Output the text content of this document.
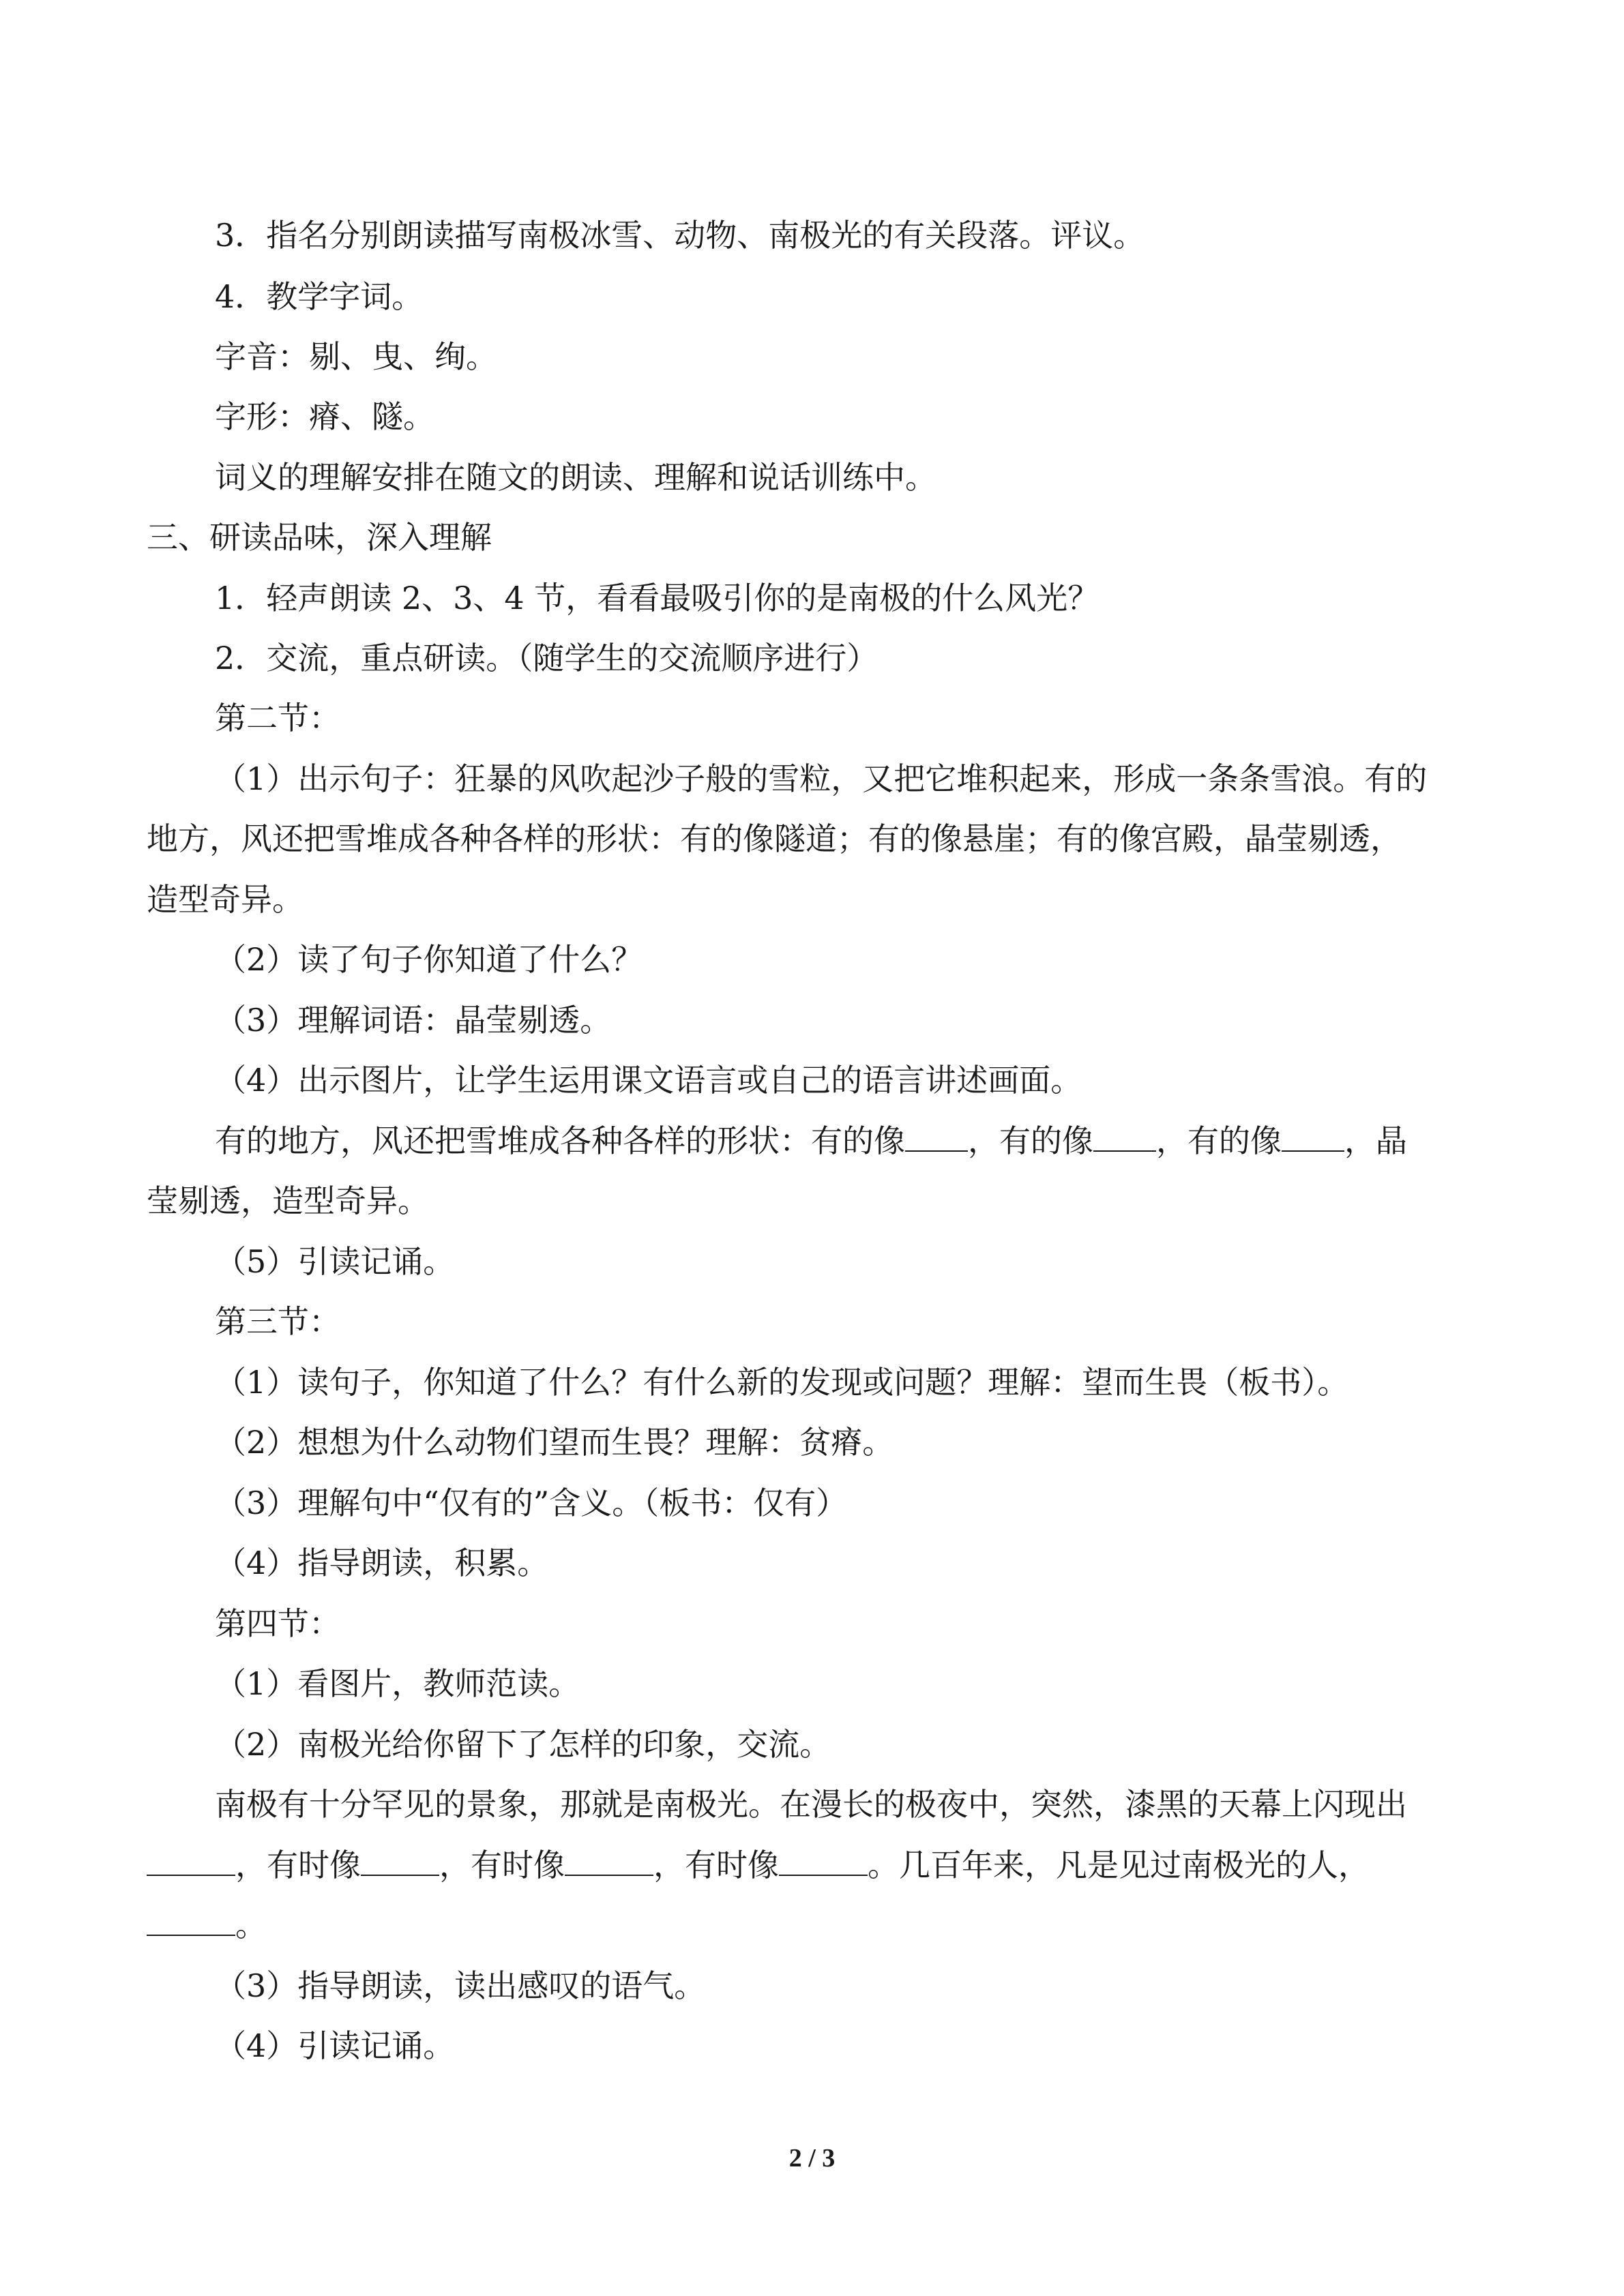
3．指名分别朗读描写南极冰雪、动物、南极光的有关段落。评议。
4．教学字词。
字音：剔、曳、绚。
字形：瘠、隧。
词义的理解安排在随文的朗读、理解和说话训练中。
三、研读品味，深入理解
1．轻声朗读 2、3、4 节，看看最吸引你的是南极的什么风光？
2．交流，重点研读。（随学生的交流顺序进行）
第二节：
（1）出示句子：狂暴的风吹起沙子般的雪粒，又把它堆积起来，形成一条条雪浪。有的
地方，风还把雪堆成各种各样的形状：有的像隧道；有的像悬崖；有的像宫殿，晶莹剔透，
造型奇异。
（2）读了句子你知道了什么？
（3）理解词语：晶莹剔透。
（4）出示图片，让学生运用课文语言或自己的语言讲述画面。
有的地方，风还把雪堆成各种各样的形状：有的像 ，有的像 ，有的像 ，晶
莹剔透，造型奇异。
（5）引读记诵。
第三节：
（1）读句子，你知道了什么？有什么新的发现或问题？理解：望而生畏（板书）。
（2）想想为什么动物们望而生畏？理解：贫瘠。
（3）理解句中“仅有的”含义。（板书：仅有）
（4）指导朗读，积累。
第四节：
（1）看图片，教师范读。
（2）南极光给你留下了怎样的印象，交流。
南极有十分罕见的景象，那就是南极光。在漫长的极夜中，突然，漆黑的天幕上闪现出
，有时像	，有时像	，有时像	。几百年来，凡是见过南极光的人，
。
（3）指导朗读，读出感叹的语气。
（4）引读记诵。
2 / 3
